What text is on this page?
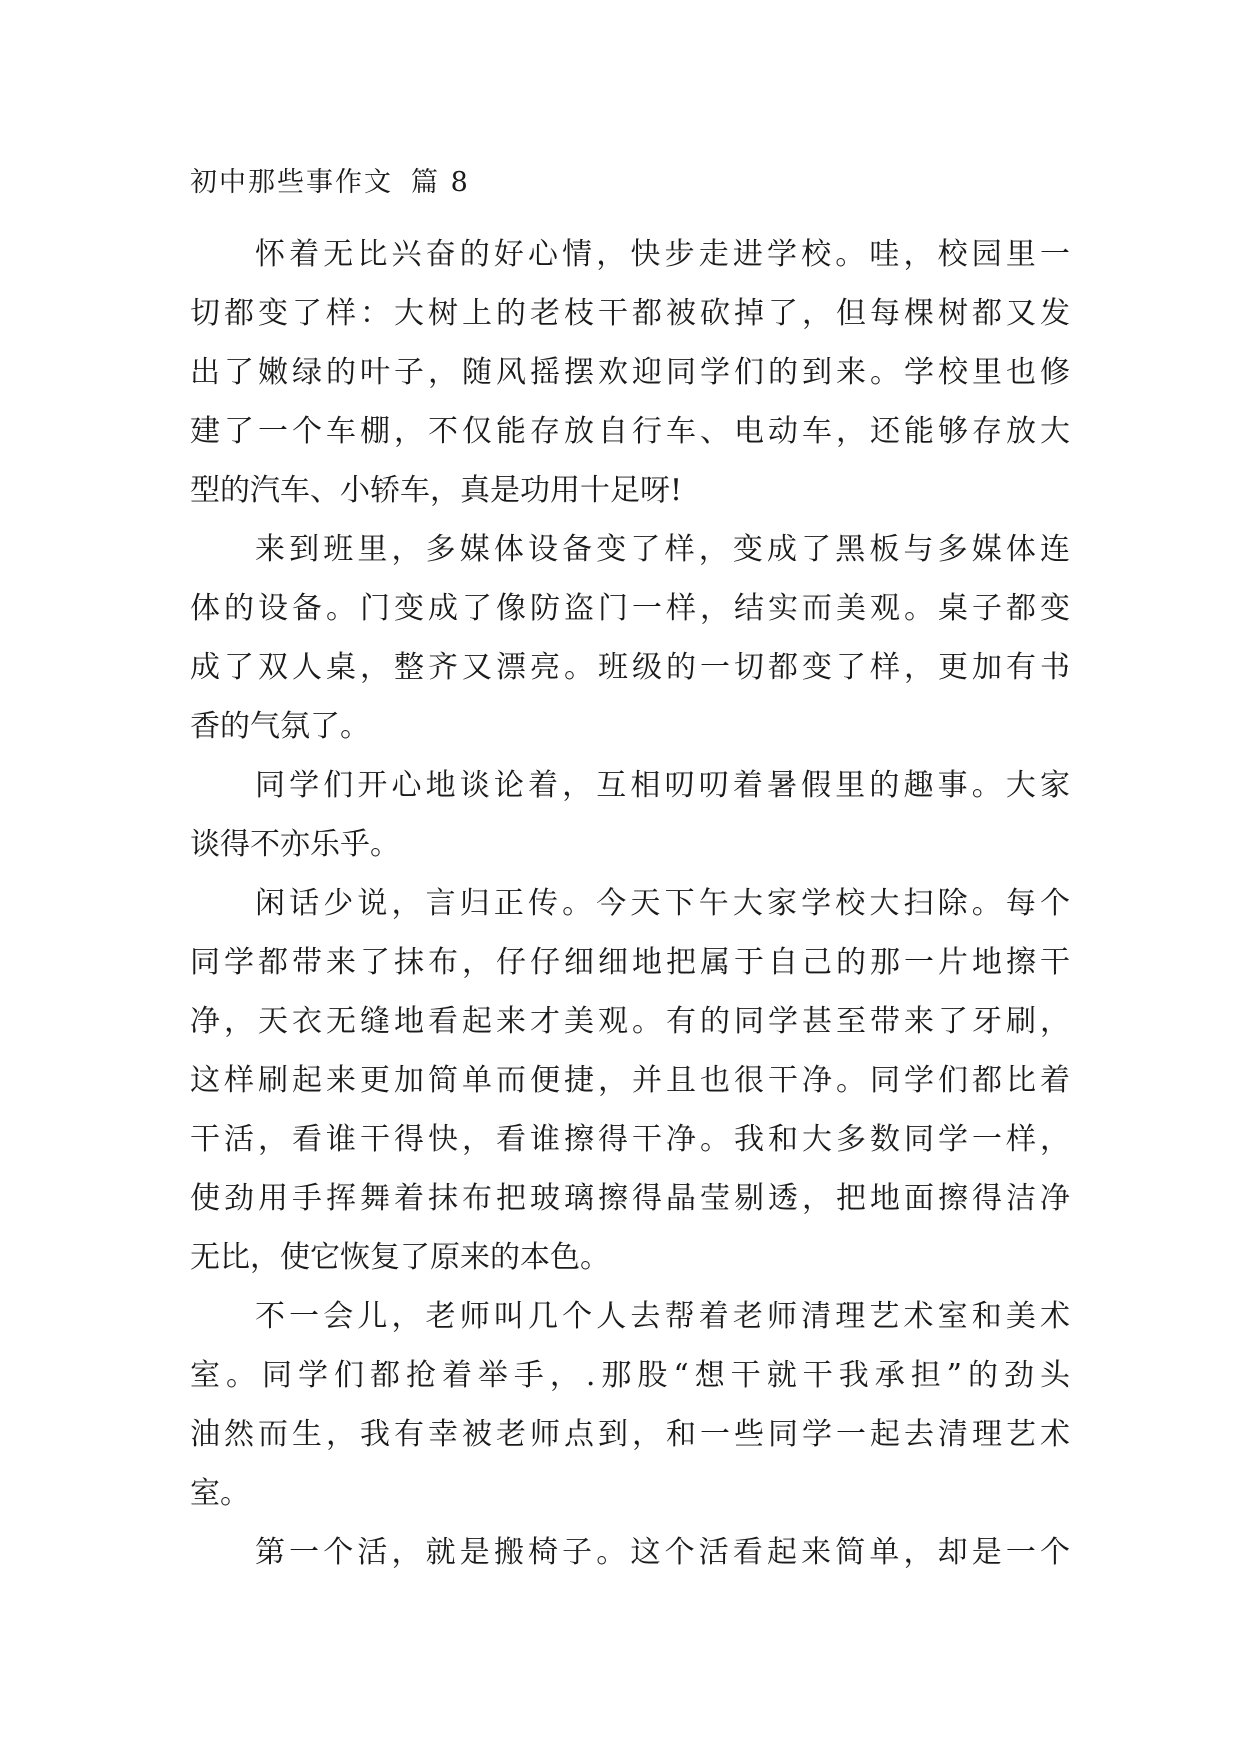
初中那些事作文 篇 8
怀着无比兴奋的好心情，快步走进学校。哇，校园里一
切都变了样：大树上的老枝干都被砍掉了，但每棵树都又发
出了嫩绿的叶子，随风摇摆欢迎同学们的到来。学校里也修
建了一个车棚，不仅能存放自行车、电动车，还能够存放大
型的汽车、小轿车，真是功用十足呀!
来到班里，多媒体设备变了样，变成了黑板与多媒体连
体的设备。门变成了像防盗门一样，结实而美观。桌子都变
成了双人桌，整齐又漂亮。班级的一切都变了样，更加有书
香的气氛了。
同学们开心地谈论着，互相叨叨着暑假里的趣事。大家
谈得不亦乐乎。
闲话少说，言归正传。今天下午大家学校大扫除。每个
同学都带来了抹布，仔仔细细地把属于自己的那一片地擦干
净，天衣无缝地看起来才美观。有的同学甚至带来了牙刷，
这样刷起来更加简单而便捷，并且也很干净。同学们都比着
干活，看谁干得快，看谁擦得干净。我和大多数同学一样，
使劲用手挥舞着抹布把玻璃擦得晶莹剔透，把地面擦得洁净
无比，使它恢复了原来的本色。
不一会儿，老师叫几个人去帮着老师清理艺术室和美术
室。同学们都抢着举手，.那股“想干就干我承担”的劲头
油然而生，我有幸被老师点到，和一些同学一起去清理艺术
室。
第一个活，就是搬椅子。这个活看起来简单，却是一个
